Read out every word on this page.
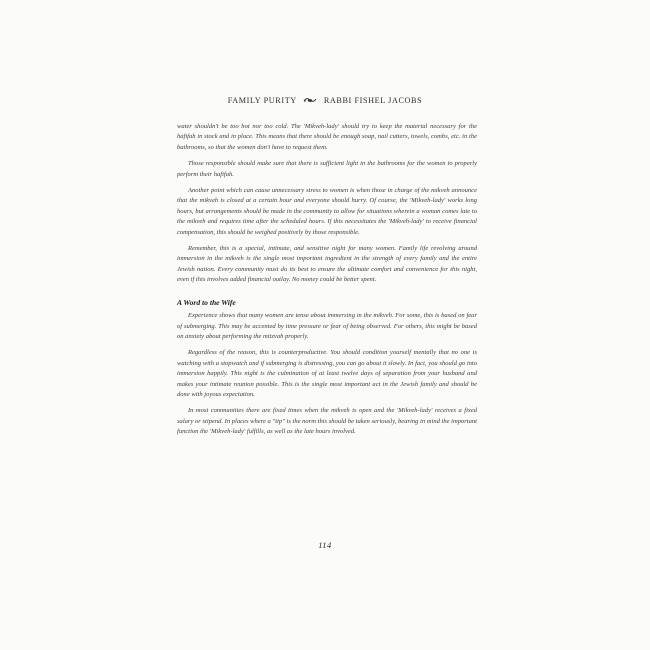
FAMILY PURITY	RABBI FISHEL JACOBS

water shouldn't be too hot nor too cold. The 'Mikveh-lady' should try to keep the material necessary for the hafifah in stock and in place. This means that there should be enough soap, nail cutters, towels, combs, etc. in the bathrooms, so that the women don't have to request them.

Those responsible should make sure that there is sufficient light in the bathrooms for the women to properly perform their hafifah.

Another point which can cause unnecessary stress to women is when those in charge of the mikveh announce that the mikveh is closed at a certain hour and everyone should hurry. Of course, the 'Mikveh-lady' works long hours, but arrangements should be made in the community to allow for situations wherein a woman comes late to the mikveh and requires time after the scheduled hours. If this necessitates the 'Mikveh-lady' to receive financial compensation, this should be weighed positively by those responsible.

Remember, this is a special, intimate, and sensitive night for many women. Family life revolving around immersion in the mikveh is the single most important ingredient in the strength of every family and the entire Jewish nation. Every community must do its best to ensure the ultimate comfort and convenience for this night, even if this involves added financial outlay. No money could be better spent.

A Word to the Wife

Experience shows that many women are tense about immersing in the mikveh. For some, this is based on fear of submerging. This may be accented by time pressure or fear of being observed. For others, this might be based on anxiety about performing the mitzvah properly.

Regardless of the reason, this is counterproductive. You should condition yourself mentally that no one is watching with a stopwatch and if submerging is distressing, you can go about it slowly. In fact, you should go into immersion happily. This night is the culmination of at least twelve days of separation from your husband and makes your intimate reunion possible. This is the single most important act in the Jewish family and should be done with joyous expectation.

In most communities there are fixed times when the mikveh is open and the 'Mikveh-lady' receives a fixed salary or stipend. In places where a "tip" is the norm this should be taken seriously, bearing in mind the important function the 'Mikveh-lady' fulfills, as well as the late hours involved.

114
